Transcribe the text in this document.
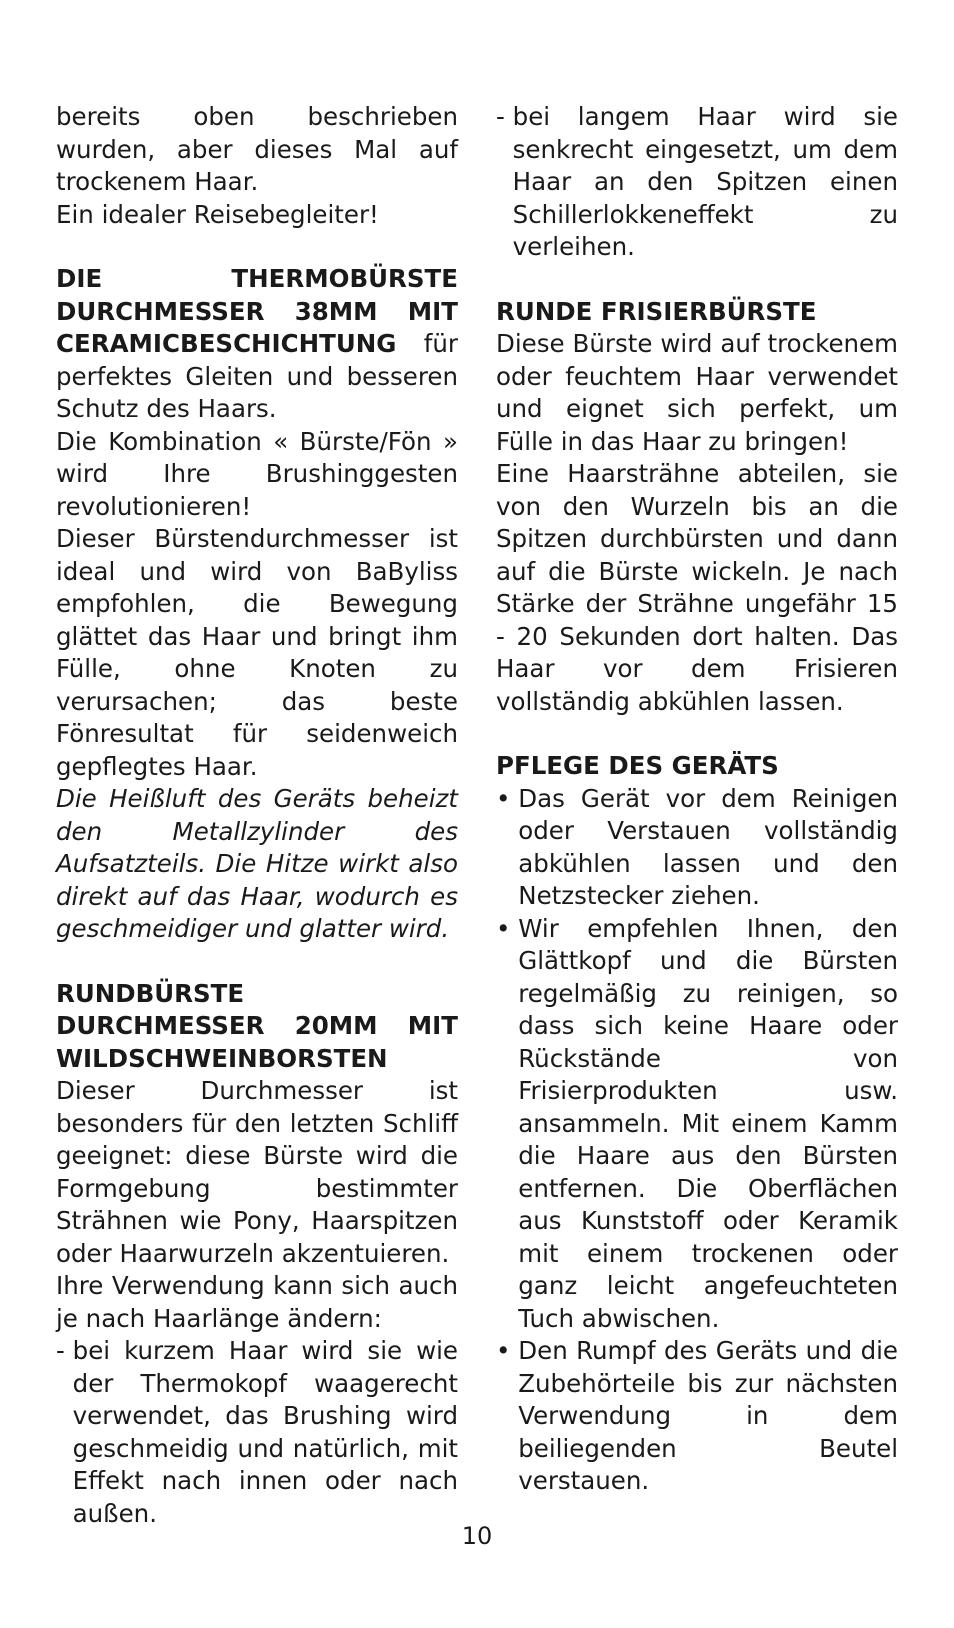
bereits oben beschrieben wurden, aber dieses Mal auf trockenem Haar.

Ein idealer Reisebegleiter!

DIE THERMOBÜRSTE DURCHMESSER 38MM MIT CERAMICBESCHICHTUNG für perfektes Gleiten und besseren Schutz des Haars.

Die Kombination « Bürste/Fön » wird Ihre Brushinggesten revolutionieren!

Dieser Bürstendurchmesser ist ideal und wird von BaByliss empfohlen, die Bewegung glättet das Haar und bringt ihm Fülle, ohne Knoten zu verursachen; das beste Fönresultat für seidenweich gepflegtes Haar.

Die Heißluft des Geräts beheizt den Metallzylinder des Aufsatzteils. Die Hitze wirkt also direkt auf das Haar, wodurch es geschmeidiger und glatter wird.

RUNDBÜRSTE DURCHMESSER 20MM MIT WILDSCHWEINBORSTEN

Dieser Durchmesser ist besonders für den letzten Schliff geeignet: diese Bürste wird die Formgebung bestimmter Strähnen wie Pony, Haarspitzen oder Haarwurzeln akzentuieren.

Ihre Verwendung kann sich auch je nach Haarlänge ändern:

- bei kurzem Haar wird sie wie der Thermokopf waagerecht verwendet, das Brushing wird geschmeidig und natürlich, mit Effekt nach innen oder nach außen.
- bei langem Haar wird sie senkrecht eingesetzt, um dem Haar an den Spitzen einen Schillerlokkeneffekt zu verleihen.
RUNDE FRISIERBÜRSTE

Diese Bürste wird auf trockenem oder feuchtem Haar verwendet und eignet sich perfekt, um Fülle in das Haar zu bringen!

Eine Haarsträhne abteilen, sie von den Wurzeln bis an die Spitzen durchbürsten und dann auf die Bürste wickeln. Je nach Stärke der Strähne ungefähr 15 - 20 Sekunden dort halten. Das Haar vor dem Frisieren vollständig abkühlen lassen.

PFLEGE DES GERÄTS
• Das Gerät vor dem Reinigen oder Verstauen vollständig abkühlen lassen und den Netzstecker ziehen.
• Wir empfehlen Ihnen, den Glättkopf und die Bürsten regelmäßig zu reinigen, so dass sich keine Haare oder Rückstände von Frisierprodukten usw. ansammeln. Mit einem Kamm die Haare aus den Bürsten entfernen. Die Oberflächen aus Kunststoff oder Keramik mit einem trockenen oder ganz leicht angefeuchteten Tuch abwischen.
• Den Rumpf des Geräts und die Zubehörteile bis zur nächsten Verwendung in dem beiliegenden Beutel verstauen.
10
